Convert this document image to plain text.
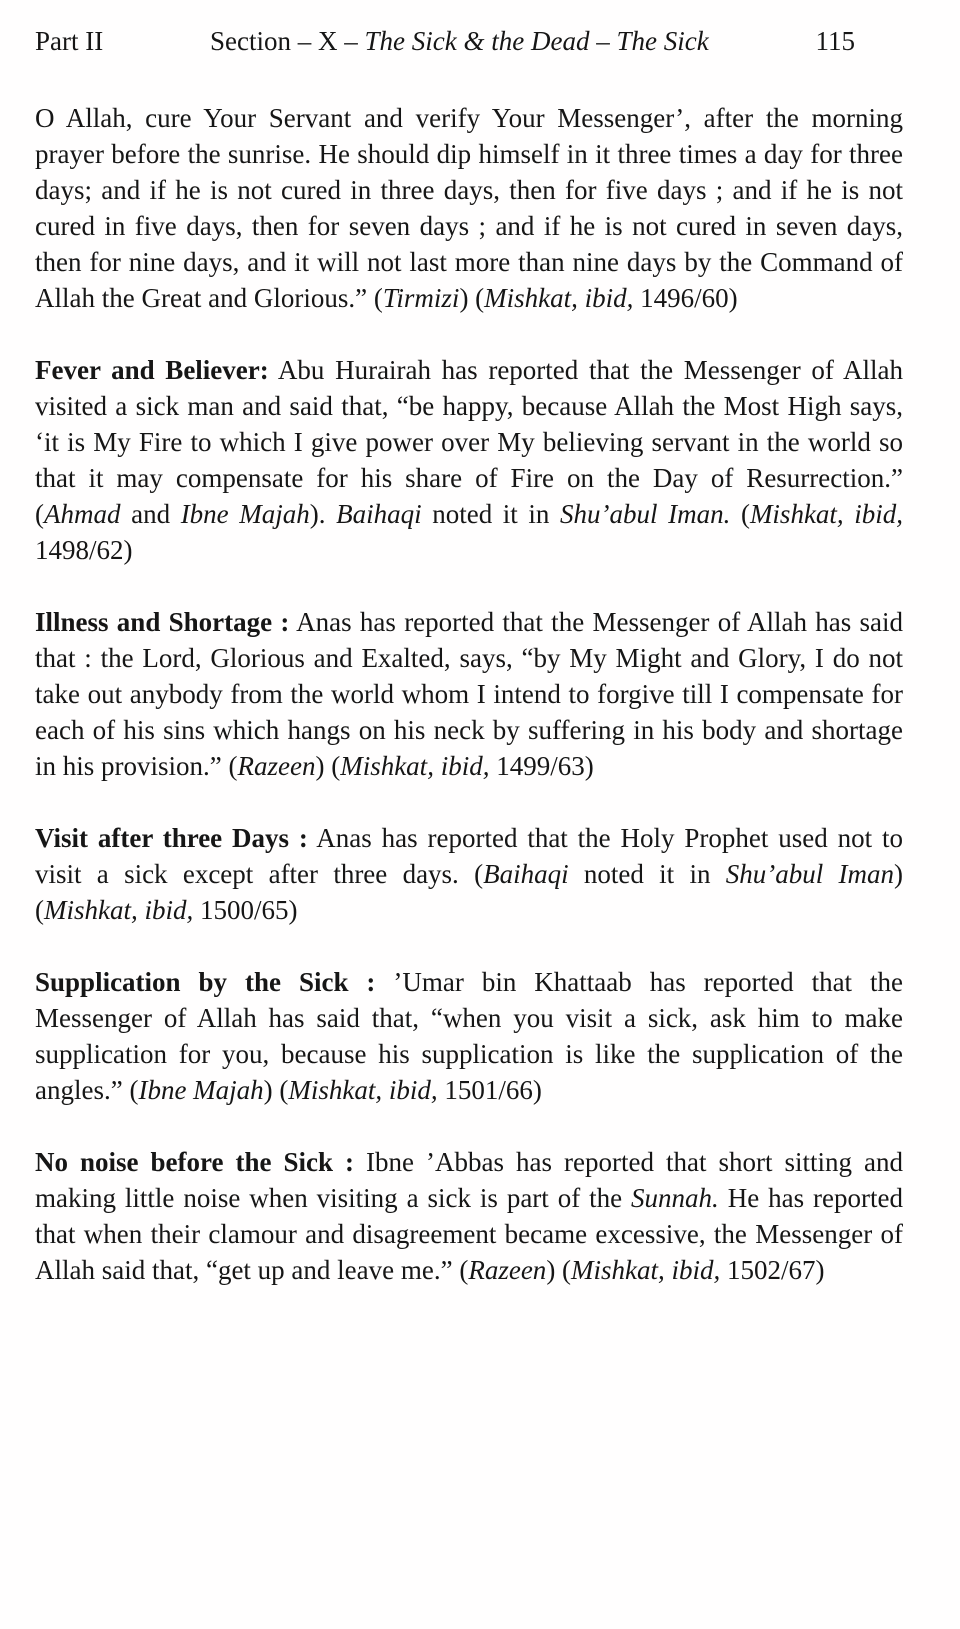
Part II	Section – X – The Sick & the Dead – The Sick	115

O Allah, cure Your Servant and verify Your Messenger’, after the morning prayer before the sunrise. He should dip himself in it three times a day for three days; and if he is not cured in three days, then for five days ; and if he is not cured in five days, then for seven days ; and if he is not cured in seven days, then for nine days, and it will not last more than nine days by the Command of Allah the Great and Glorious.” (Tirmizi) (Mishkat, ibid, 1496/60)

Fever and Believer: Abu Hurairah has reported that the Messenger of Allah visited a sick man and said that, “be happy, because Allah the Most High says, ‘it is My Fire to which I give power over My believing servant in the world so that it may compensate for his share of Fire on the Day of Resurrection.” (Ahmad and Ibne Majah). Baihaqi noted it in Shu’abul Iman. (Mishkat, ibid, 1498/62)

Illness and Shortage : Anas has reported that the Messenger of Allah has said that : the Lord, Glorious and Exalted, says, “by My Might and Glory, I do not take out anybody from the world whom I intend to forgive till I compensate for each of his sins which hangs on his neck by suffering in his body and shortage in his provision.” (Razeen) (Mishkat, ibid, 1499/63)

Visit after three Days : Anas has reported that the Holy Prophet used not to visit a sick except after three days. (Baihaqi noted it in Shu’abul Iman) (Mishkat, ibid, 1500/65)

Supplication by the Sick : ’Umar bin Khattaab has reported that the Messenger of Allah has said that, “when you visit a sick, ask him to make supplication for you, because his supplication is like the supplication of the angles.” (Ibne Majah) (Mishkat, ibid, 1501/66)

No noise before the Sick : Ibne ’Abbas has reported that short sitting and making little noise when visiting a sick is part of the Sunnah. He has reported that when their clamour and disagreement became excessive, the Messenger of Allah said that, “get up and leave me.” (Razeen) (Mishkat, ibid, 1502/67)
